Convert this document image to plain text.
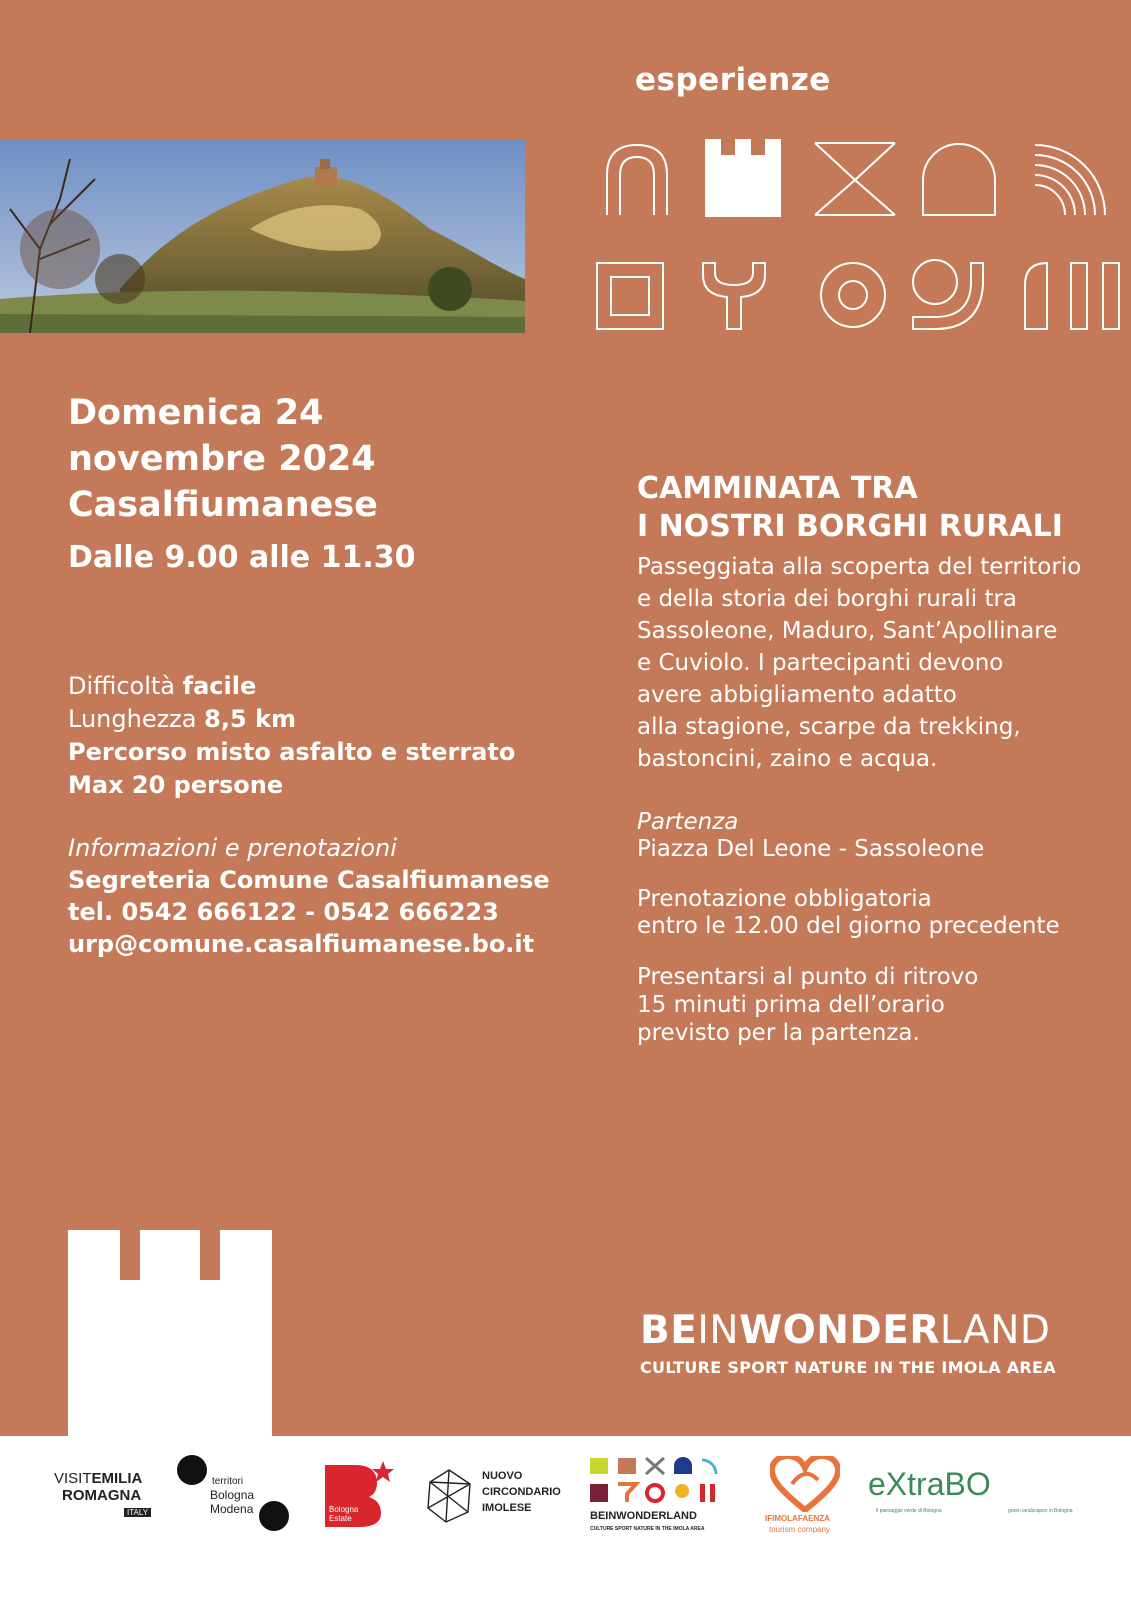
esperienze
Domenica 24
novembre 2024
Casalfiumanese
Dalle 9.00 alle 11.30
Difficoltà facile
Lunghezza 8,5 km
Percorso misto asfalto e sterrato
Max 20 persone
Informazioni e prenotazioni
Segreteria Comune Casalfiumanese
tel. 0542 666122 - 0542 666223
urp@comune.casalfiumanese.bo.it
CAMMINATA TRA
I NOSTRI BORGHI RURALI
Passeggiata alla scoperta del territorio
e della storia dei borghi rurali tra
Sassoleone, Maduro, Sant’Apollinare
e Cuviolo. I partecipanti devono
avere abbigliamento adatto
alla stagione, scarpe da trekking,
bastoncini, zaino e acqua.
Partenza
Piazza Del Leone - Sassoleone
Prenotazione obbligatoria
entro le 12.00 del giorno precedente
Presentarsi al punto di ritrovo
15 minuti prima dell’orario
previsto per la partenza.
BEINWONDERLAND
CULTURE SPORT NATURE IN THE IMOLA AREA
VISITEMILIA
ROMAGNA
ITALY
territori
Bologna
Modena	Bologna Estate
NUOVO
CIRCONDARIO
IMOLESE
BEINWONDERLAND
CULTURE SPORT NATURE IN THE IMOLA AREA
IFIMOLAFAENZA
tourism company
eXtraBO
il paesaggio verde di Bologna	green landscapes in Bologna
